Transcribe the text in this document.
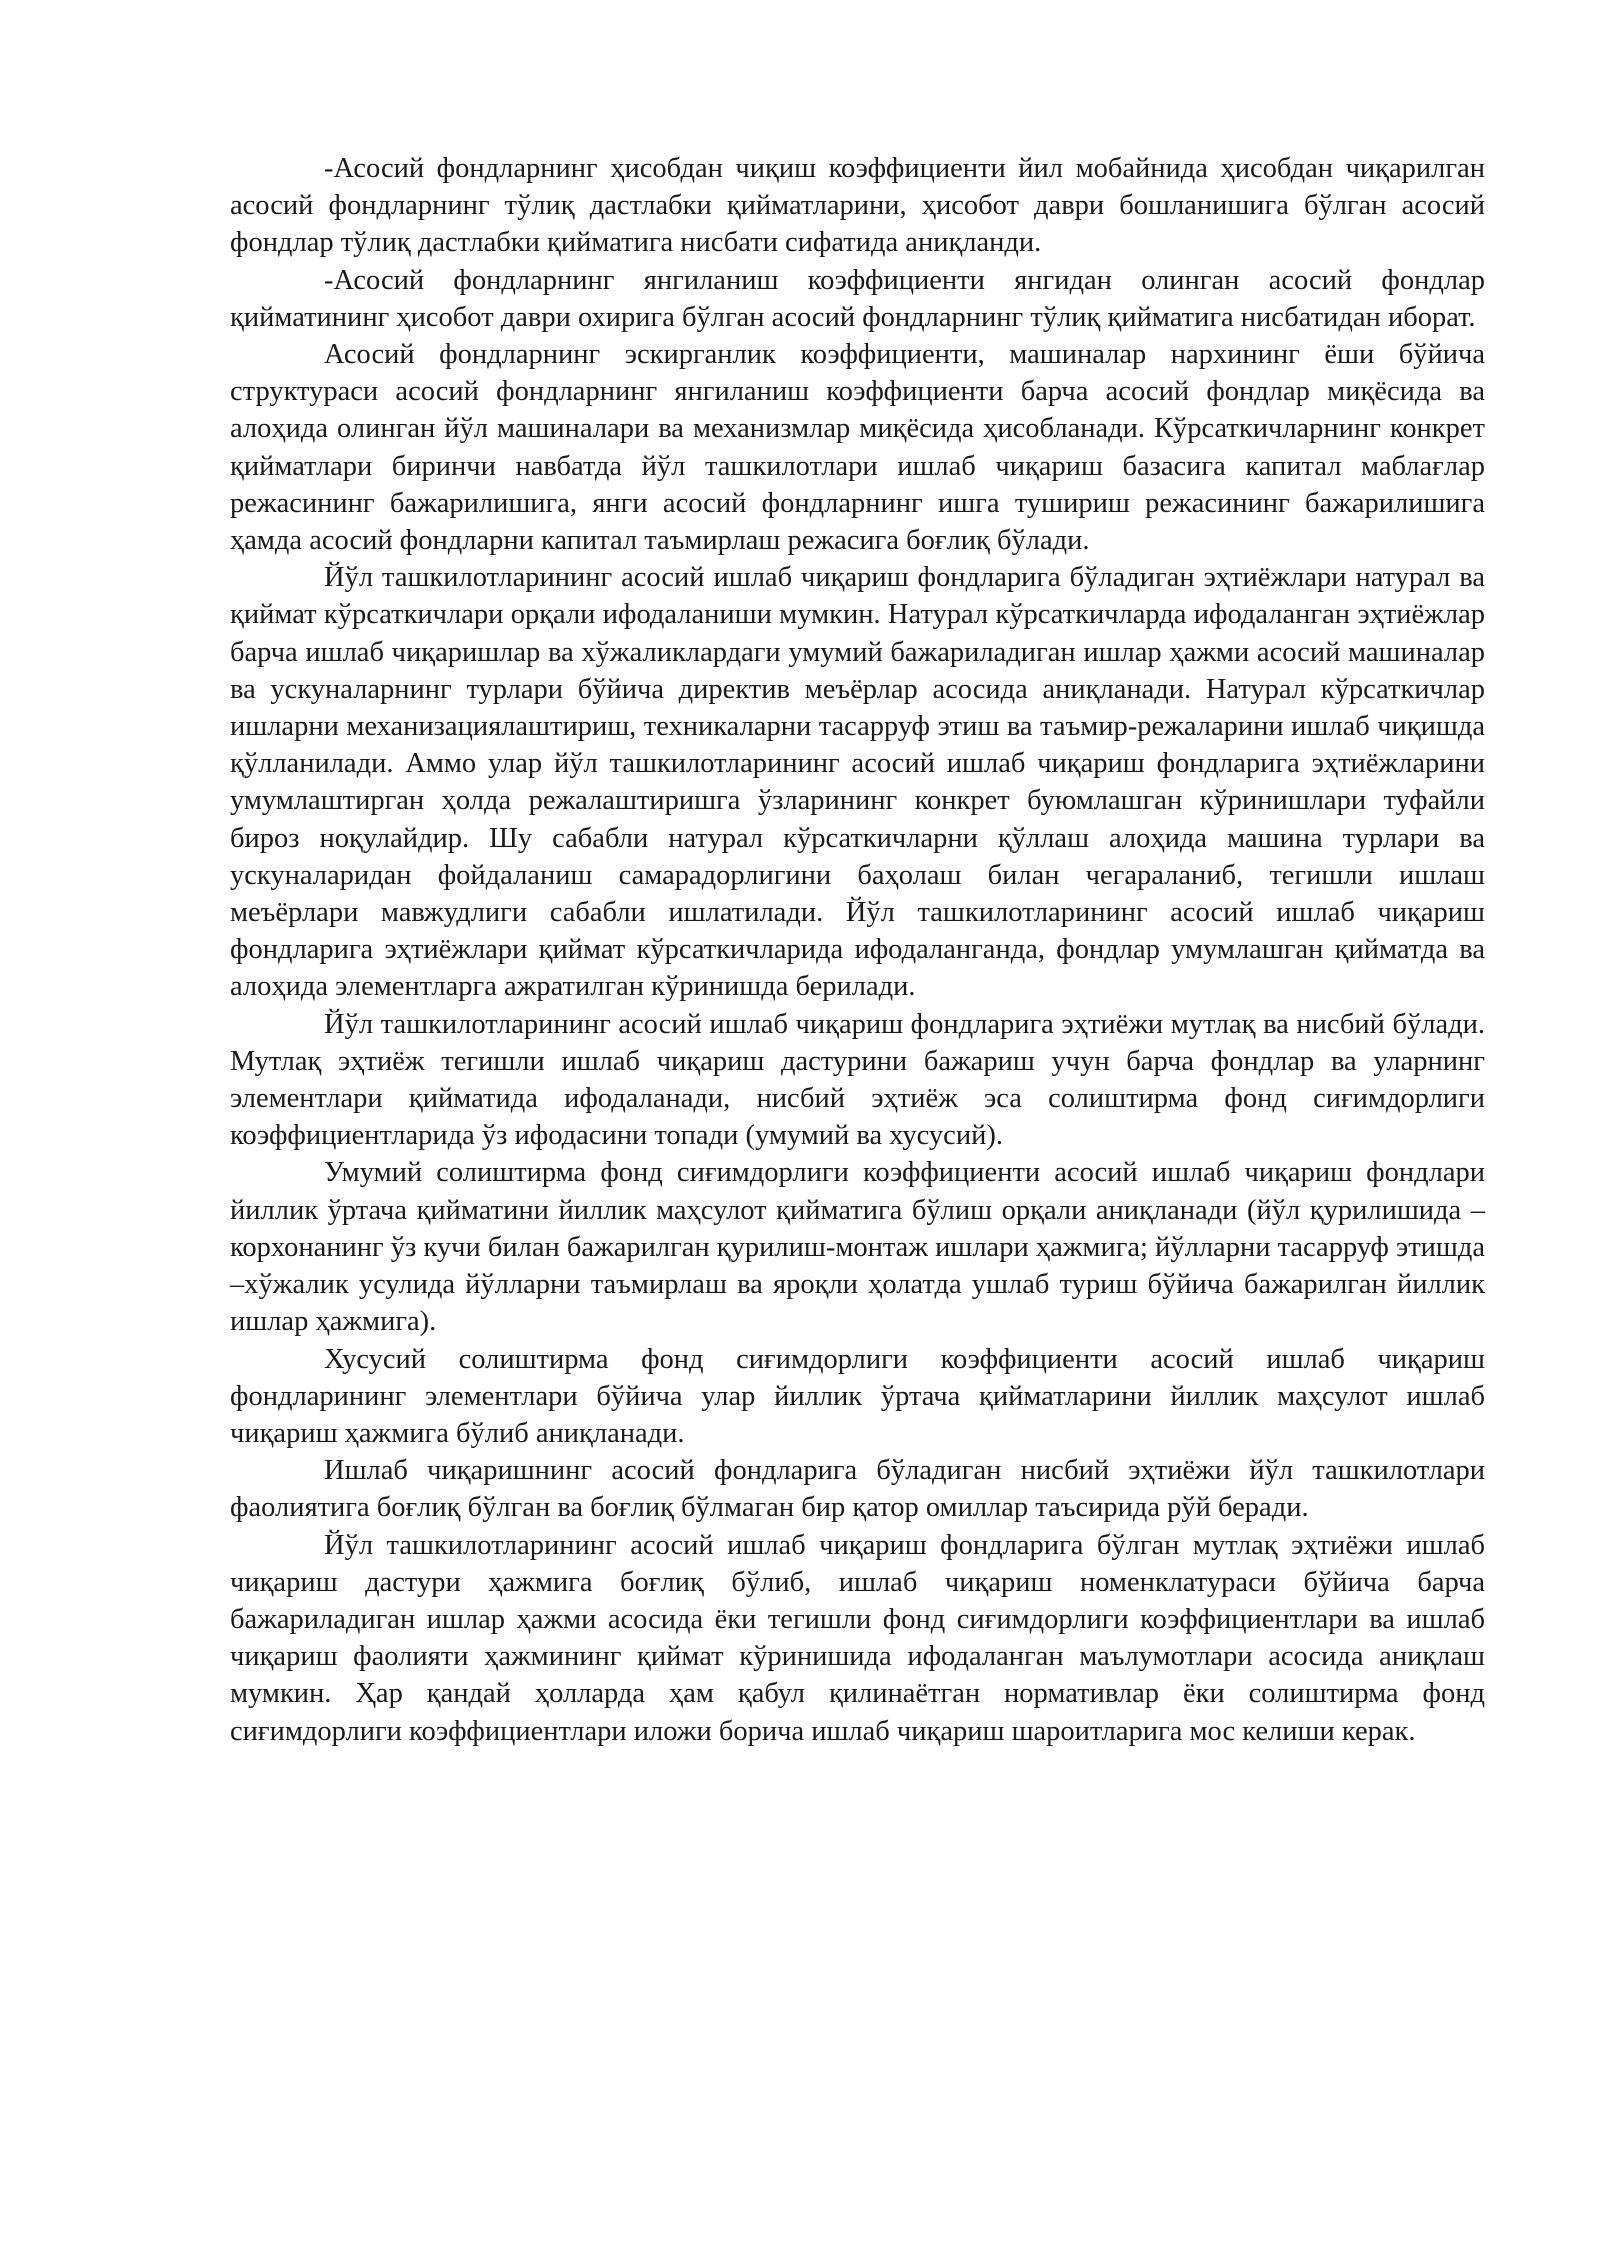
-Асосий фондларнинг ҳисобдан чиқиш коэффициенти йил мобайнида ҳисобдан чиқарилган асосий фондларнинг тўлиқ дастлабки қийматларини, ҳисобот даври бошланишига бўлган асосий фондлар тўлиқ дастлабки қийматига нисбати сифатида аниқланди.

-Асосий фондларнинг янгиланиш коэффициенти янгидан олинган асосий фондлар қийматининг ҳисобот даври охирига бўлган асосий фондларнинг тўлиқ қийматига нисбатидан иборат.

Асосий фондларнинг эскирганлик коэффициенти, машиналар нархининг ёши бўйича структураси асосий фондларнинг янгиланиш коэффициенти барча асосий фондлар миқёсида ва алоҳида олинган йўл машиналари ва механизмлар миқёсида ҳисобланади. Кўрсаткичларнинг конкрет қийматлари биринчи навбатда йўл ташкилотлари ишлаб чиқариш базасига капитал маблағлар режасининг бажарилишига, янги асосий фондларнинг ишга тушириш режасининг бажарилишига ҳамда асосий фондларни капитал таъмирлаш режасига боғлиқ бўлади.

Йўл ташкилотларининг асосий ишлаб чиқариш фондларига бўладиган эҳтиёжлари натурал ва қиймат кўрсаткичлари орқали ифодаланиши мумкин. Натурал кўрсаткичларда ифодаланган эҳтиёжлар барча ишлаб чиқаришлар ва хўжаликлардаги умумий бажариладиган ишлар ҳажми асосий машиналар ва ускуналарнинг турлари бўйича директив меъёрлар асосида аниқланади. Натурал кўрсаткичлар ишларни механизациялаштириш, техникаларни тасарруф этиш ва таъмир-режаларини ишлаб чиқишда қўлланилади. Аммо улар йўл ташкилотларининг асосий ишлаб чиқариш фондларига эҳтиёжларини умумлаштирган ҳолда режалаштиришга ўзларининг конкрет буюмлашган кўринишлари туфайли бироз ноқулайдир. Шу сабабли натурал кўрсаткичларни қўллаш алоҳида машина турлари ва ускуналаридан фойдаланиш самарадорлигини баҳолаш билан чегараланиб, тегишли ишлаш меъёрлари мавжудлиги сабабли ишлатилади. Йўл ташкилотларининг асосий ишлаб чиқариш фондларига эҳтиёжлари қиймат кўрсаткичларида ифодаланганда, фондлар умумлашган қийматда ва алоҳида элементларга ажратилган кўринишда берилади.

Йўл ташкилотларининг асосий ишлаб чиқариш фондларига эҳтиёжи мутлақ ва нисбий бўлади. Мутлақ эҳтиёж тегишли ишлаб чиқариш дастурини бажариш учун барча фондлар ва уларнинг элементлари қийматида ифодаланади, нисбий эҳтиёж эса солиштирма фонд сиғимдорлиги коэффициентларида ўз ифодасини топади (умумий ва хусусий).

Умумий солиштирма фонд сиғимдорлиги коэффициенти асосий ишлаб чиқариш фондлари йиллик ўртача қийматини йиллик маҳсулот қийматига бўлиш орқали аниқланади (йўл қурилишида –корхонанинг ўз кучи билан бажарилган қурилиш-монтаж ишлари ҳажмига; йўлларни тасарруф этишда –хўжалик усулида йўлларни таъмирлаш ва яроқли ҳолатда ушлаб туриш бўйича бажарилган йиллик ишлар ҳажмига).

Хусусий солиштирма фонд сиғимдорлиги коэффициенти асосий ишлаб чиқариш фондларининг элементлари бўйича улар йиллик ўртача қийматларини йиллик маҳсулот ишлаб чиқариш ҳажмига бўлиб аниқланади.

Ишлаб чиқаришнинг асосий фондларига бўладиган нисбий эҳтиёжи йўл ташкилотлари фаолиятига боғлиқ бўлган ва боғлиқ бўлмаган бир қатор омиллар таъсирида рўй беради.

Йўл ташкилотларининг асосий ишлаб чиқариш фондларига бўлган мутлақ эҳтиёжи ишлаб чиқариш дастури ҳажмига боғлиқ бўлиб, ишлаб чиқариш номенклатураси бўйича барча бажариладиган ишлар ҳажми асосида ёки тегишли фонд сиғимдорлиги коэффициентлари ва ишлаб чиқариш фаолияти ҳажмининг қиймат кўринишида ифодаланган маълумотлари асосида аниқлаш мумкин. Ҳар қандай ҳолларда ҳам қабул қилинаётган нормативлар ёки солиштирма фонд сиғимдорлиги коэффициентлари иложи борича ишлаб чиқариш шароитларига мос келиши керак.
